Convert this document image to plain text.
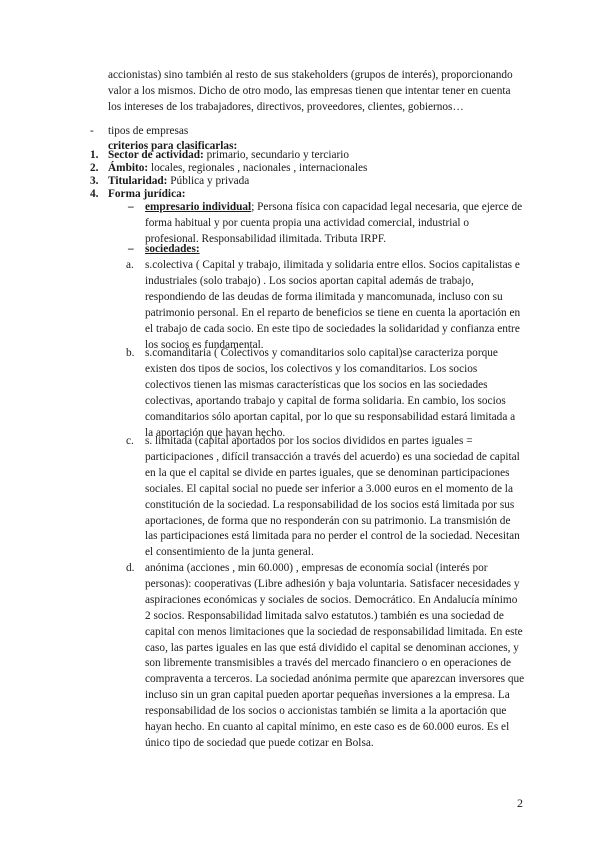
accionistas) sino también al resto de sus stakeholders (grupos de interés), proporcionando valor a los mismos. Dicho de otro modo, las empresas tienen que intentar tener en cuenta los intereses de los trabajadores, directivos, proveedores, clientes, gobiernos…

- tipos de empresas
criterios para clasificarlas:
1. Sector de actividad: primario, secundario y terciario
2. Ámbito: locales, regionales , nacionales , internacionales
3. Titularidad: Pública y privada
4. Forma jurídica:
– empresario individual; Persona física con capacidad legal necesaria, que ejerce de forma habitual y por cuenta propia una actividad comercial, industrial o profesional. Responsabilidad ilimitada. Tributa IRPF.

– sociedades:
a. s.colectiva ( Capital y trabajo, ilimitada y solidaria entre ellos. Socios capitalistas e industriales (solo trabajo) . Los socios aportan capital además de trabajo, respondiendo de las deudas de forma ilimitada y mancomunada, incluso con su patrimonio personal. En el reparto de beneficios se tiene en cuenta la aportación en el trabajo de cada socio. En este tipo de sociedades la solidaridad y confianza entre los socios es fundamental.

b. s.comanditaria ( Colectivos y comanditarios solo capital)se caracteriza porque existen dos tipos de socios, los colectivos y los comanditarios. Los socios colectivos tienen las mismas características que los socios en las sociedades colectivas, aportando trabajo y capital de forma solidaria. En cambio, los socios comanditarios sólo aportan capital, por lo que su responsabilidad estará limitada a la aportación que hayan hecho.

c. s. limitada (capital aportados por los socios divididos en partes iguales = participaciones , difícil transacción a través del acuerdo) es una sociedad de capital en la que el capital se divide en partes iguales, que se denominan participaciones sociales. El capital social no puede ser inferior a 3.000 euros en el momento de la constitución de la sociedad. La responsabilidad de los socios está limitada por sus aportaciones, de forma que no responderán con su patrimonio. La transmisión de las participaciones está limitada para no perder el control de la sociedad. Necesitan el consentimiento de la junta general.

d. anónima (acciones , min 60.000) , empresas de economía social (interés por personas): cooperativas (Libre adhesión y baja voluntaria. Satisfacer necesidades y aspiraciones económicas y sociales de socios. Democrático. En Andalucía mínimo 2 socios. Responsabilidad limitada salvo estatutos.) también es una sociedad de capital con menos limitaciones que la sociedad de responsabilidad limitada. En este caso, las partes iguales en las que está dividido el capital se denominan acciones, y son libremente transmisibles a través del mercado financiero o en operaciones de compraventa a terceros. La sociedad anónima permite que aparezcan inversores que incluso sin un gran capital pueden aportar pequeñas inversiones a la empresa. La responsabilidad de los socios o accionistas también se limita a la aportación que hayan hecho. En cuanto al capital mínimo, en este caso es de 60.000 euros. Es el único tipo de sociedad que puede cotizar en Bolsa.

2
